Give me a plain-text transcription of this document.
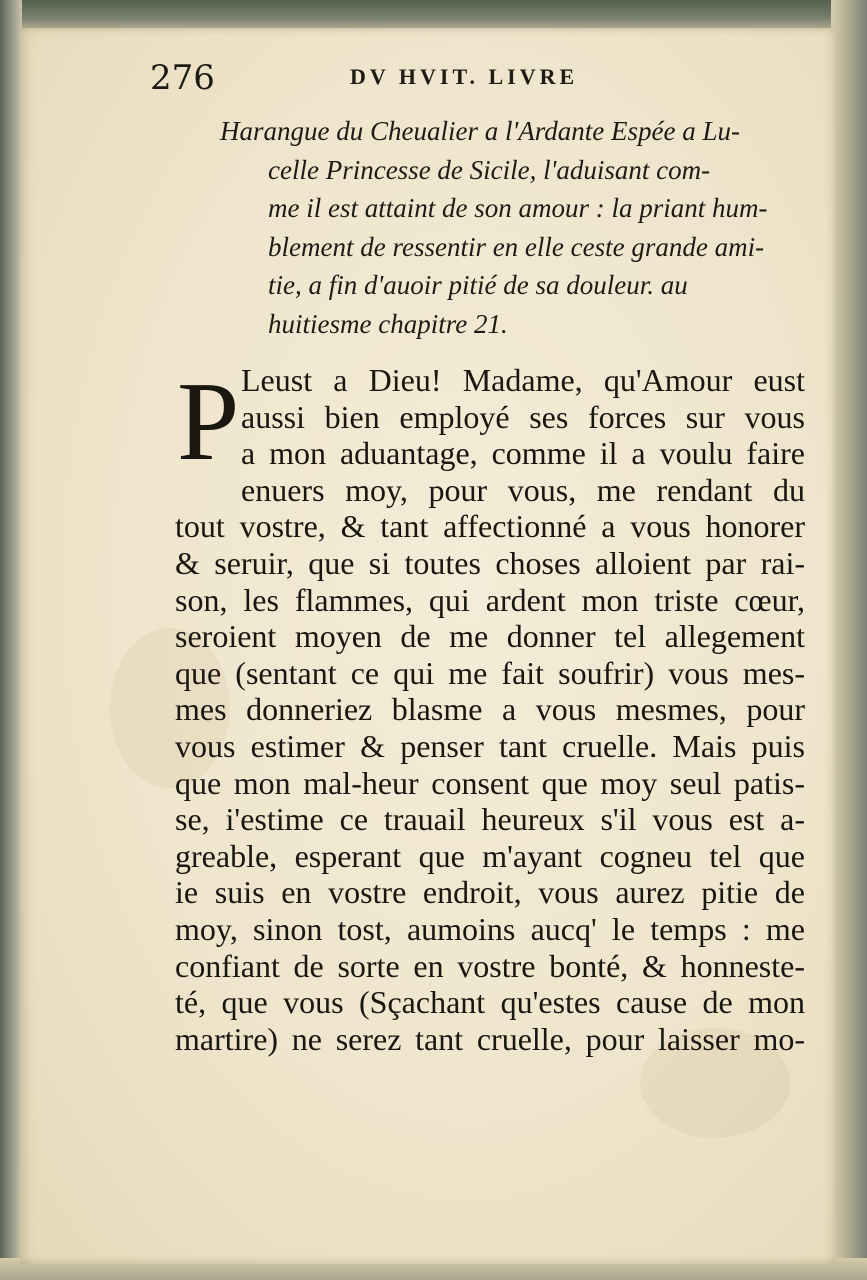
276	DV HVIT. LIVRE
Harangue du Cheualier a l'Ardante Espée a Lu-
celle Princesse de Sicile, l'aduisant com-
me il est attaint de son amour : la priant hum-
blement de ressentir en elle ceste grande ami-
tie, a fin d'auoir pitié de sa douleur. au
huitiesme chapitre 21.
P Leust a Dieu! Madame, qu'Amour eust
aussi bien employé ses forces sur vous
a mon aduantage, comme il a voulu faire
enuers moy, pour vous, me rendant du
tout vostre, & tant affectionné a vous honorer
& seruir, que si toutes choses alloient par rai-
son, les flammes, qui ardent mon triste cœur,
seroient moyen de me donner tel allegement
que (sentant ce qui me fait soufrir) vous mes-
mes donneriez blasme a vous mesmes, pour
vous estimer & penser tant cruelle. Mais puis
que mon mal-heur consent que moy seul patis-
se, i'estime ce trauail heureux s'il vous est a-
greable, esperant que m'ayant cogneu tel que
ie suis en vostre endroit, vous aurez pitie de
moy, sinon tost, aumoins aucq' le temps : me
confiant de sorte en vostre bonté, & honneste-
té, que vous (Sçachant qu'estes cause de mon
martire) ne serez tant cruelle, pour laisser mo-
